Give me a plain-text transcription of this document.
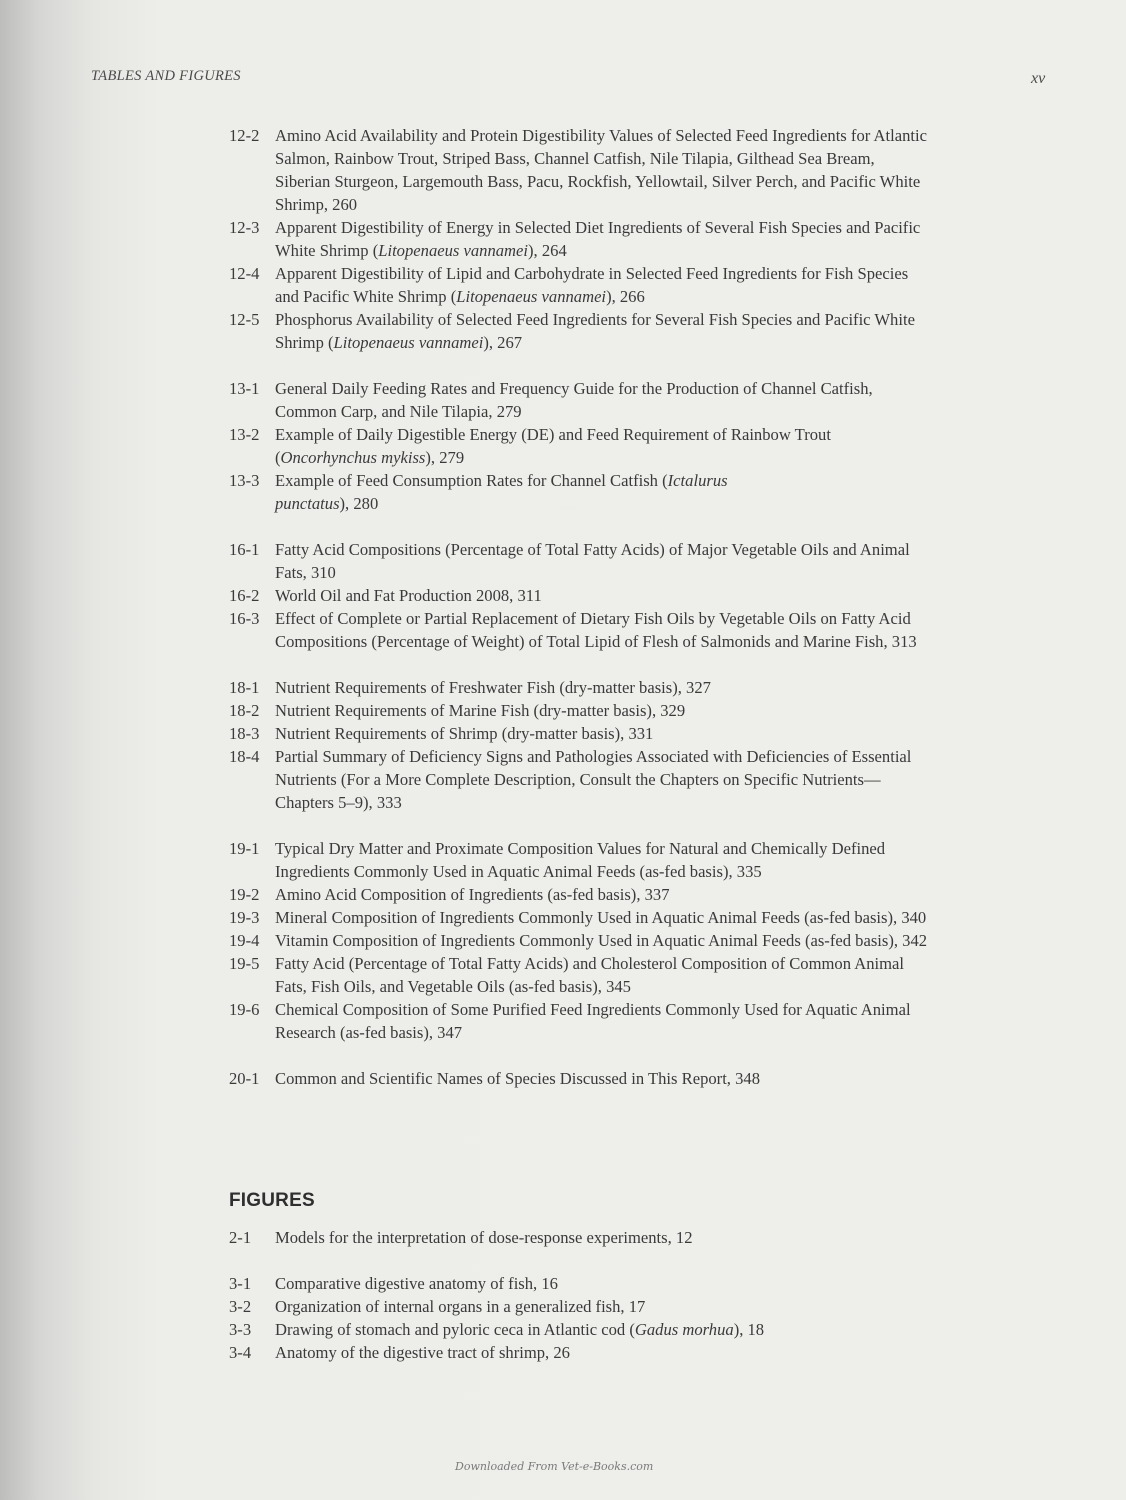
TABLES AND FIGURES	xv
12-2 Amino Acid Availability and Protein Digestibility Values of Selected Feed Ingredients for Atlantic Salmon, Rainbow Trout, Striped Bass, Channel Catfish, Nile Tilapia, Gilthead Sea Bream, Siberian Sturgeon, Largemouth Bass, Pacu, Rockfish, Yellowtail, Silver Perch, and Pacific White Shrimp, 260
12-3 Apparent Digestibility of Energy in Selected Diet Ingredients of Several Fish Species and Pacific White Shrimp (Litopenaeus vannamei), 264
12-4 Apparent Digestibility of Lipid and Carbohydrate in Selected Feed Ingredients for Fish Species and Pacific White Shrimp (Litopenaeus vannamei), 266
12-5 Phosphorus Availability of Selected Feed Ingredients for Several Fish Species and Pacific White Shrimp (Litopenaeus vannamei), 267
13-1 General Daily Feeding Rates and Frequency Guide for the Production of Channel Catfish, Common Carp, and Nile Tilapia, 279
13-2 Example of Daily Digestible Energy (DE) and Feed Requirement of Rainbow Trout (Oncorhynchus mykiss), 279
13-3 Example of Feed Consumption Rates for Channel Catfish (Ictalurus
punctatus), 280
16-1 Fatty Acid Compositions (Percentage of Total Fatty Acids) of Major Vegetable Oils and Animal Fats, 310
16-2 World Oil and Fat Production 2008, 311
16-3 Effect of Complete or Partial Replacement of Dietary Fish Oils by Vegetable Oils on Fatty Acid Compositions (Percentage of Weight) of Total Lipid of Flesh of Salmonids and Marine Fish, 313
18-1 Nutrient Requirements of Freshwater Fish (dry-matter basis), 327
18-2 Nutrient Requirements of Marine Fish (dry-matter basis), 329
18-3 Nutrient Requirements of Shrimp (dry-matter basis), 331
18-4 Partial Summary of Deficiency Signs and Pathologies Associated with Deficiencies of Essential Nutrients (For a More Complete Description, Consult the Chapters on Specific Nutrients—Chapters 5–9), 333
19-1 Typical Dry Matter and Proximate Composition Values for Natural and Chemically Defined Ingredients Commonly Used in Aquatic Animal Feeds (as-fed basis), 335
19-2 Amino Acid Composition of Ingredients (as-fed basis), 337
19-3 Mineral Composition of Ingredients Commonly Used in Aquatic Animal Feeds (as-fed basis), 340
19-4 Vitamin Composition of Ingredients Commonly Used in Aquatic Animal Feeds (as-fed basis), 342
19-5 Fatty Acid (Percentage of Total Fatty Acids) and Cholesterol Composition of Common Animal Fats, Fish Oils, and Vegetable Oils (as-fed basis), 345
19-6 Chemical Composition of Some Purified Feed Ingredients Commonly Used for Aquatic Animal Research (as-fed basis), 347
20-1 Common and Scientific Names of Species Discussed in This Report, 348
FIGURES
2-1 Models for the interpretation of dose-response experiments, 12
3-1 Comparative digestive anatomy of fish, 16
3-2 Organization of internal organs in a generalized fish, 17
3-3 Drawing of stomach and pyloric ceca in Atlantic cod (Gadus morhua), 18
3-4 Anatomy of the digestive tract of shrimp, 26
Downloaded From Vet-e-Books.com
